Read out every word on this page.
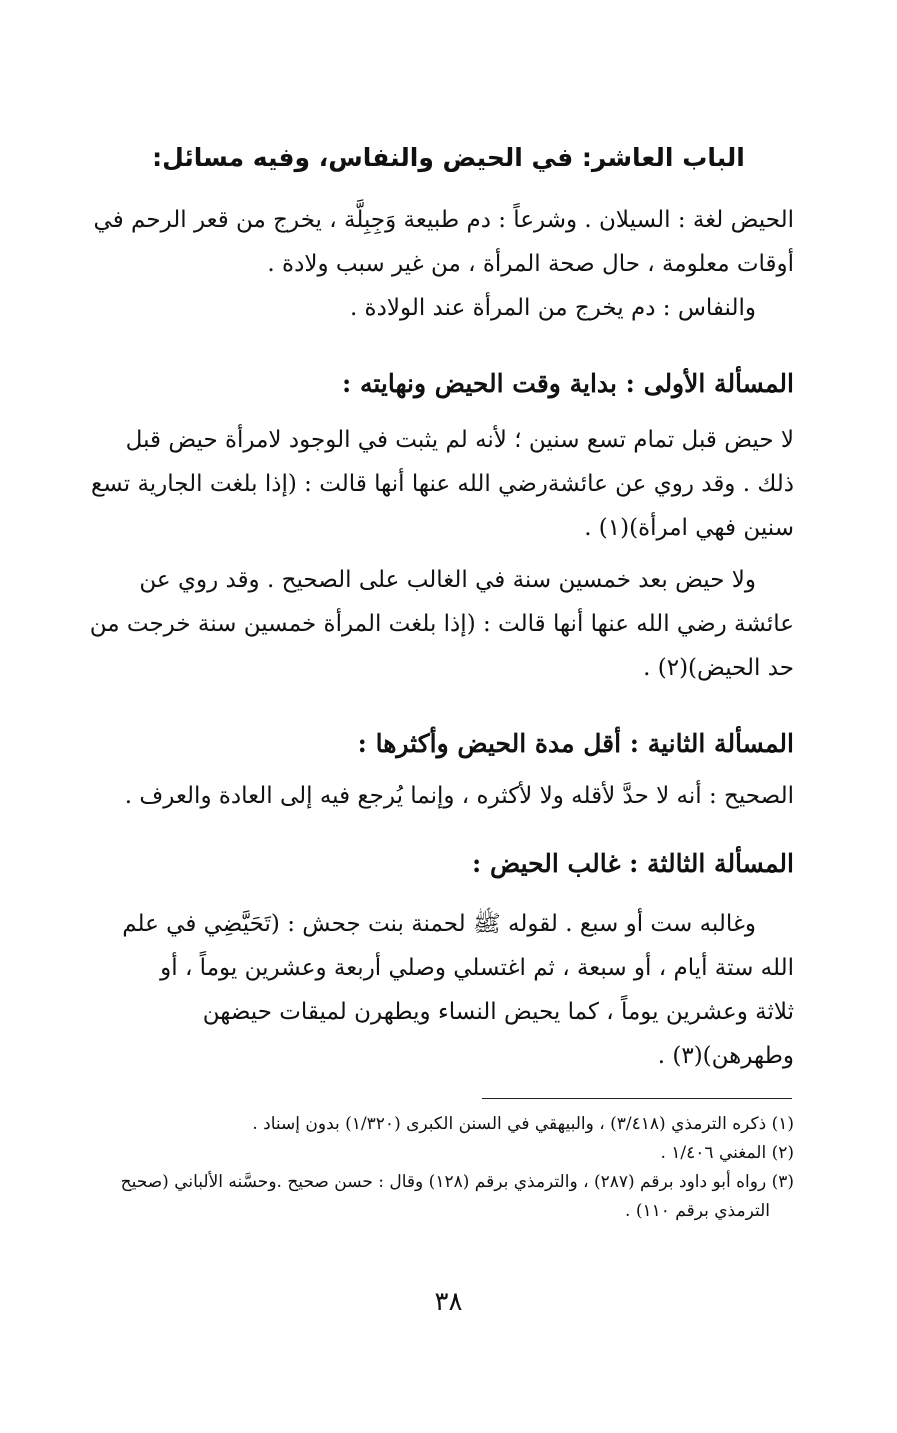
الباب العاشر: في الحيض والنفاس، وفيه مسائل:
الحيض لغة : السيلان . وشرعاً : دم طبيعة وَجِبِلَّة ، يخرج من قعر الرحم في
أوقات معلومة ، حال صحة المرأة ، من غير سبب ولادة .
والنفاس : دم يخرج من المرأة عند الولادة .
المسألة الأولى : بداية وقت الحيض ونهايته :
لا حيض قبل تمام تسع سنين ؛ لأنه لم يثبت في الوجود لامرأة حيض قبل
ذلك . وقد روي عن عائشةرضي الله عنها أنها قالت : (إذا بلغت الجارية تسع
سنين فهي امرأة)(١) .
ولا حيض بعد خمسين سنة في الغالب على الصحيح . وقد روي عن
عائشة رضي الله عنها أنها قالت : (إذا بلغت المرأة خمسين سنة خرجت من
حد الحيض)(٢) .
المسألة الثانية : أقل مدة الحيض وأكثرها :
الصحيح : أنه لا حدَّ لأقله ولا لأكثره ، وإنما يُرجع فيه إلى العادة والعرف .
المسألة الثالثة : غالب الحيض :
وغالبه ست أو سبع . لقوله ﷺ لحمنة بنت جحش : (تَحَيَّضِي في علم
الله ستة أيام ، أو سبعة ، ثم اغتسلي وصلي أربعة وعشرين يوماً ، أو
ثلاثة وعشرين يوماً ، كما يحيض النساء ويطهرن لميقات حيضهن
وطهرهن)(٣) .
(١) ذكره الترمذي (٣/٤١٨) ، والبيهقي في السنن الكبرى (١/٣٢٠) بدون إسناد .
(٢) المغني ١/٤٠٦ .
(٣) رواه أبو داود برقم (٢٨٧) ، والترمذي برقم (١٢٨) وقال : حسن صحيح .وحسَّنه الألباني (صحيح
الترمذي برقم ١١٠) .
٣٨
